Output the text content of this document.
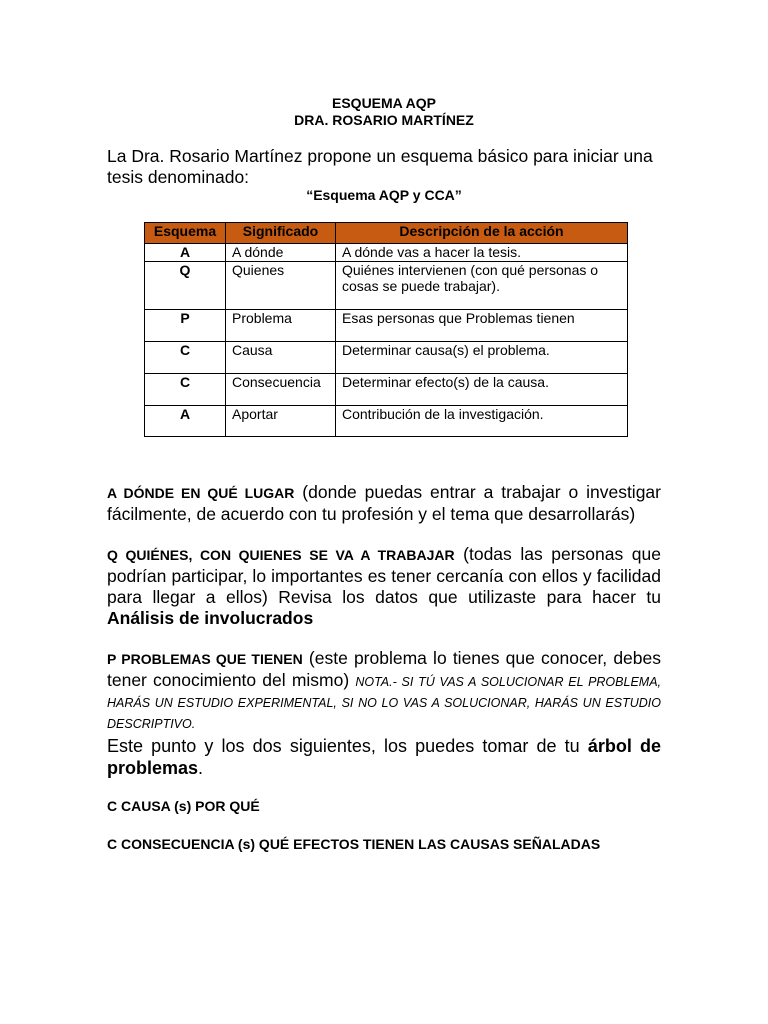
ESQUEMA AQP
DRA. ROSARIO MARTÍNEZ
La Dra. Rosario Martínez propone un esquema básico para iniciar una tesis denominado:
“Esquema AQP y CCA”
Esquema	Significado	Descripción de la acción
A	A dónde	A dónde vas a hacer la tesis.
Q	Quienes	Quiénes intervienen (con qué personas o cosas se puede trabajar).
P	Problema	Esas personas que Problemas tienen
C	Causa	Determinar causa(s) el problema.
C	Consecuencia	Determinar efecto(s) de la causa.
A	Aportar	Contribución de la investigación.
A DÓNDE EN QUÉ LUGAR (donde puedas entrar a trabajar o investigar fácilmente, de acuerdo con tu profesión y el tema que desarrollarás)
Q QUIÉNES, CON QUIENES SE VA A TRABAJAR (todas las personas que podrían participar, lo importantes es tener cercanía con ellos y facilidad para llegar a ellos) Revisa los datos que utilizaste para hacer tu Análisis de involucrados
P PROBLEMAS QUE TIENEN (este problema lo tienes que conocer, debes tener conocimiento del mismo) NOTA.- SI TÚ VAS A SOLUCIONAR EL PROBLEMA, HARÁS UN ESTUDIO EXPERIMENTAL, SI NO LO VAS A SOLUCIONAR, HARÁS UN ESTUDIO DESCRIPTIVO.
Este punto y los dos siguientes, los puedes tomar de tu árbol de problemas.
C CAUSA (s) POR QUÉ
C CONSECUENCIA (s) QUÉ EFECTOS TIENEN LAS CAUSAS SEÑALADAS
